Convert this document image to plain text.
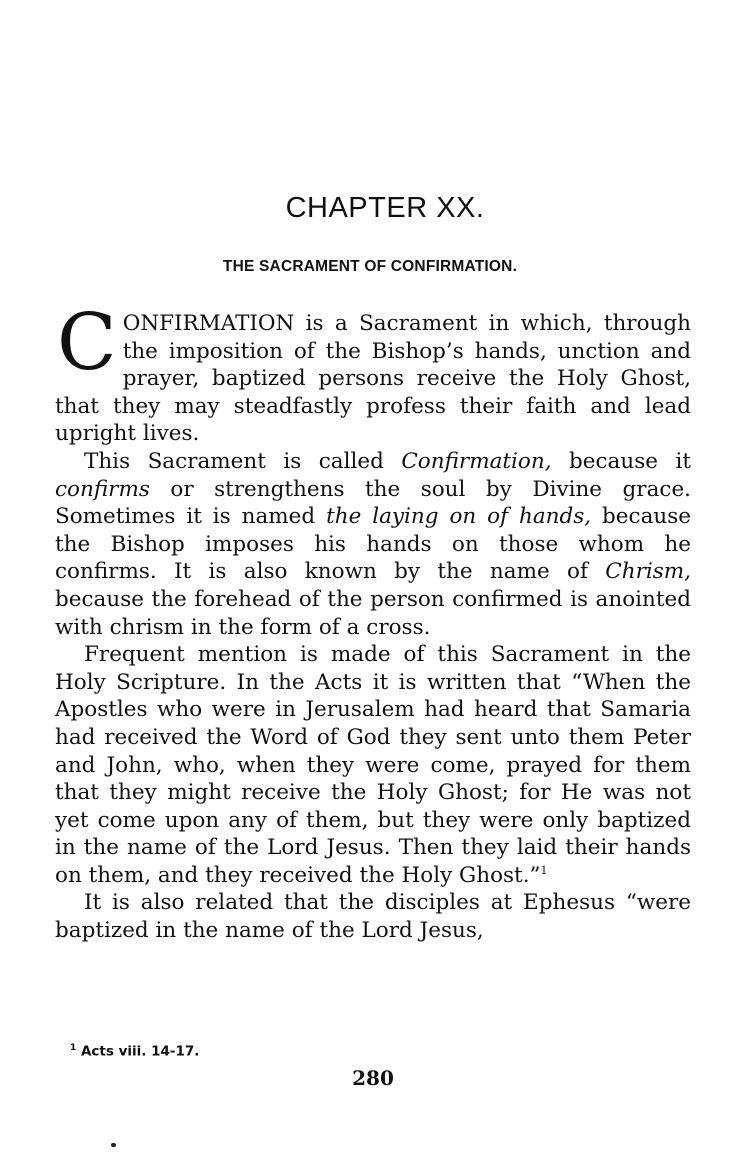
CHAPTER XX.
THE SACRAMENT OF CONFIRMATION.

CONFIRMATION is a Sacrament in which, through the imposition of the Bishop’s hands, unction and prayer, baptized persons receive the Holy Ghost, that they may steadfastly profess their faith and lead upright lives.

This Sacrament is called Confirmation, because it confirms or strengthens the soul by Divine grace. Sometimes it is named the laying on of hands, because the Bishop imposes his hands on those whom he confirms. It is also known by the name of Chrism, because the forehead of the person confirmed is anointed with chrism in the form of a cross.

Frequent mention is made of this Sacrament in the Holy Scripture. In the Acts it is written that “When the Apostles who were in Jerusalem had heard that Samaria had received the Word of God they sent unto them Peter and John, who, when they were come, prayed for them that they might receive the Holy Ghost; for He was not yet come upon any of them, but they were only baptized in the name of the Lord Jesus. Then they laid their hands on them, and they received the Holy Ghost.”$^1$

It is also related that the disciples at Ephesus “were baptized in the name of the Lord Jesus,

$^1$ Acts viii. 14-17.
280
